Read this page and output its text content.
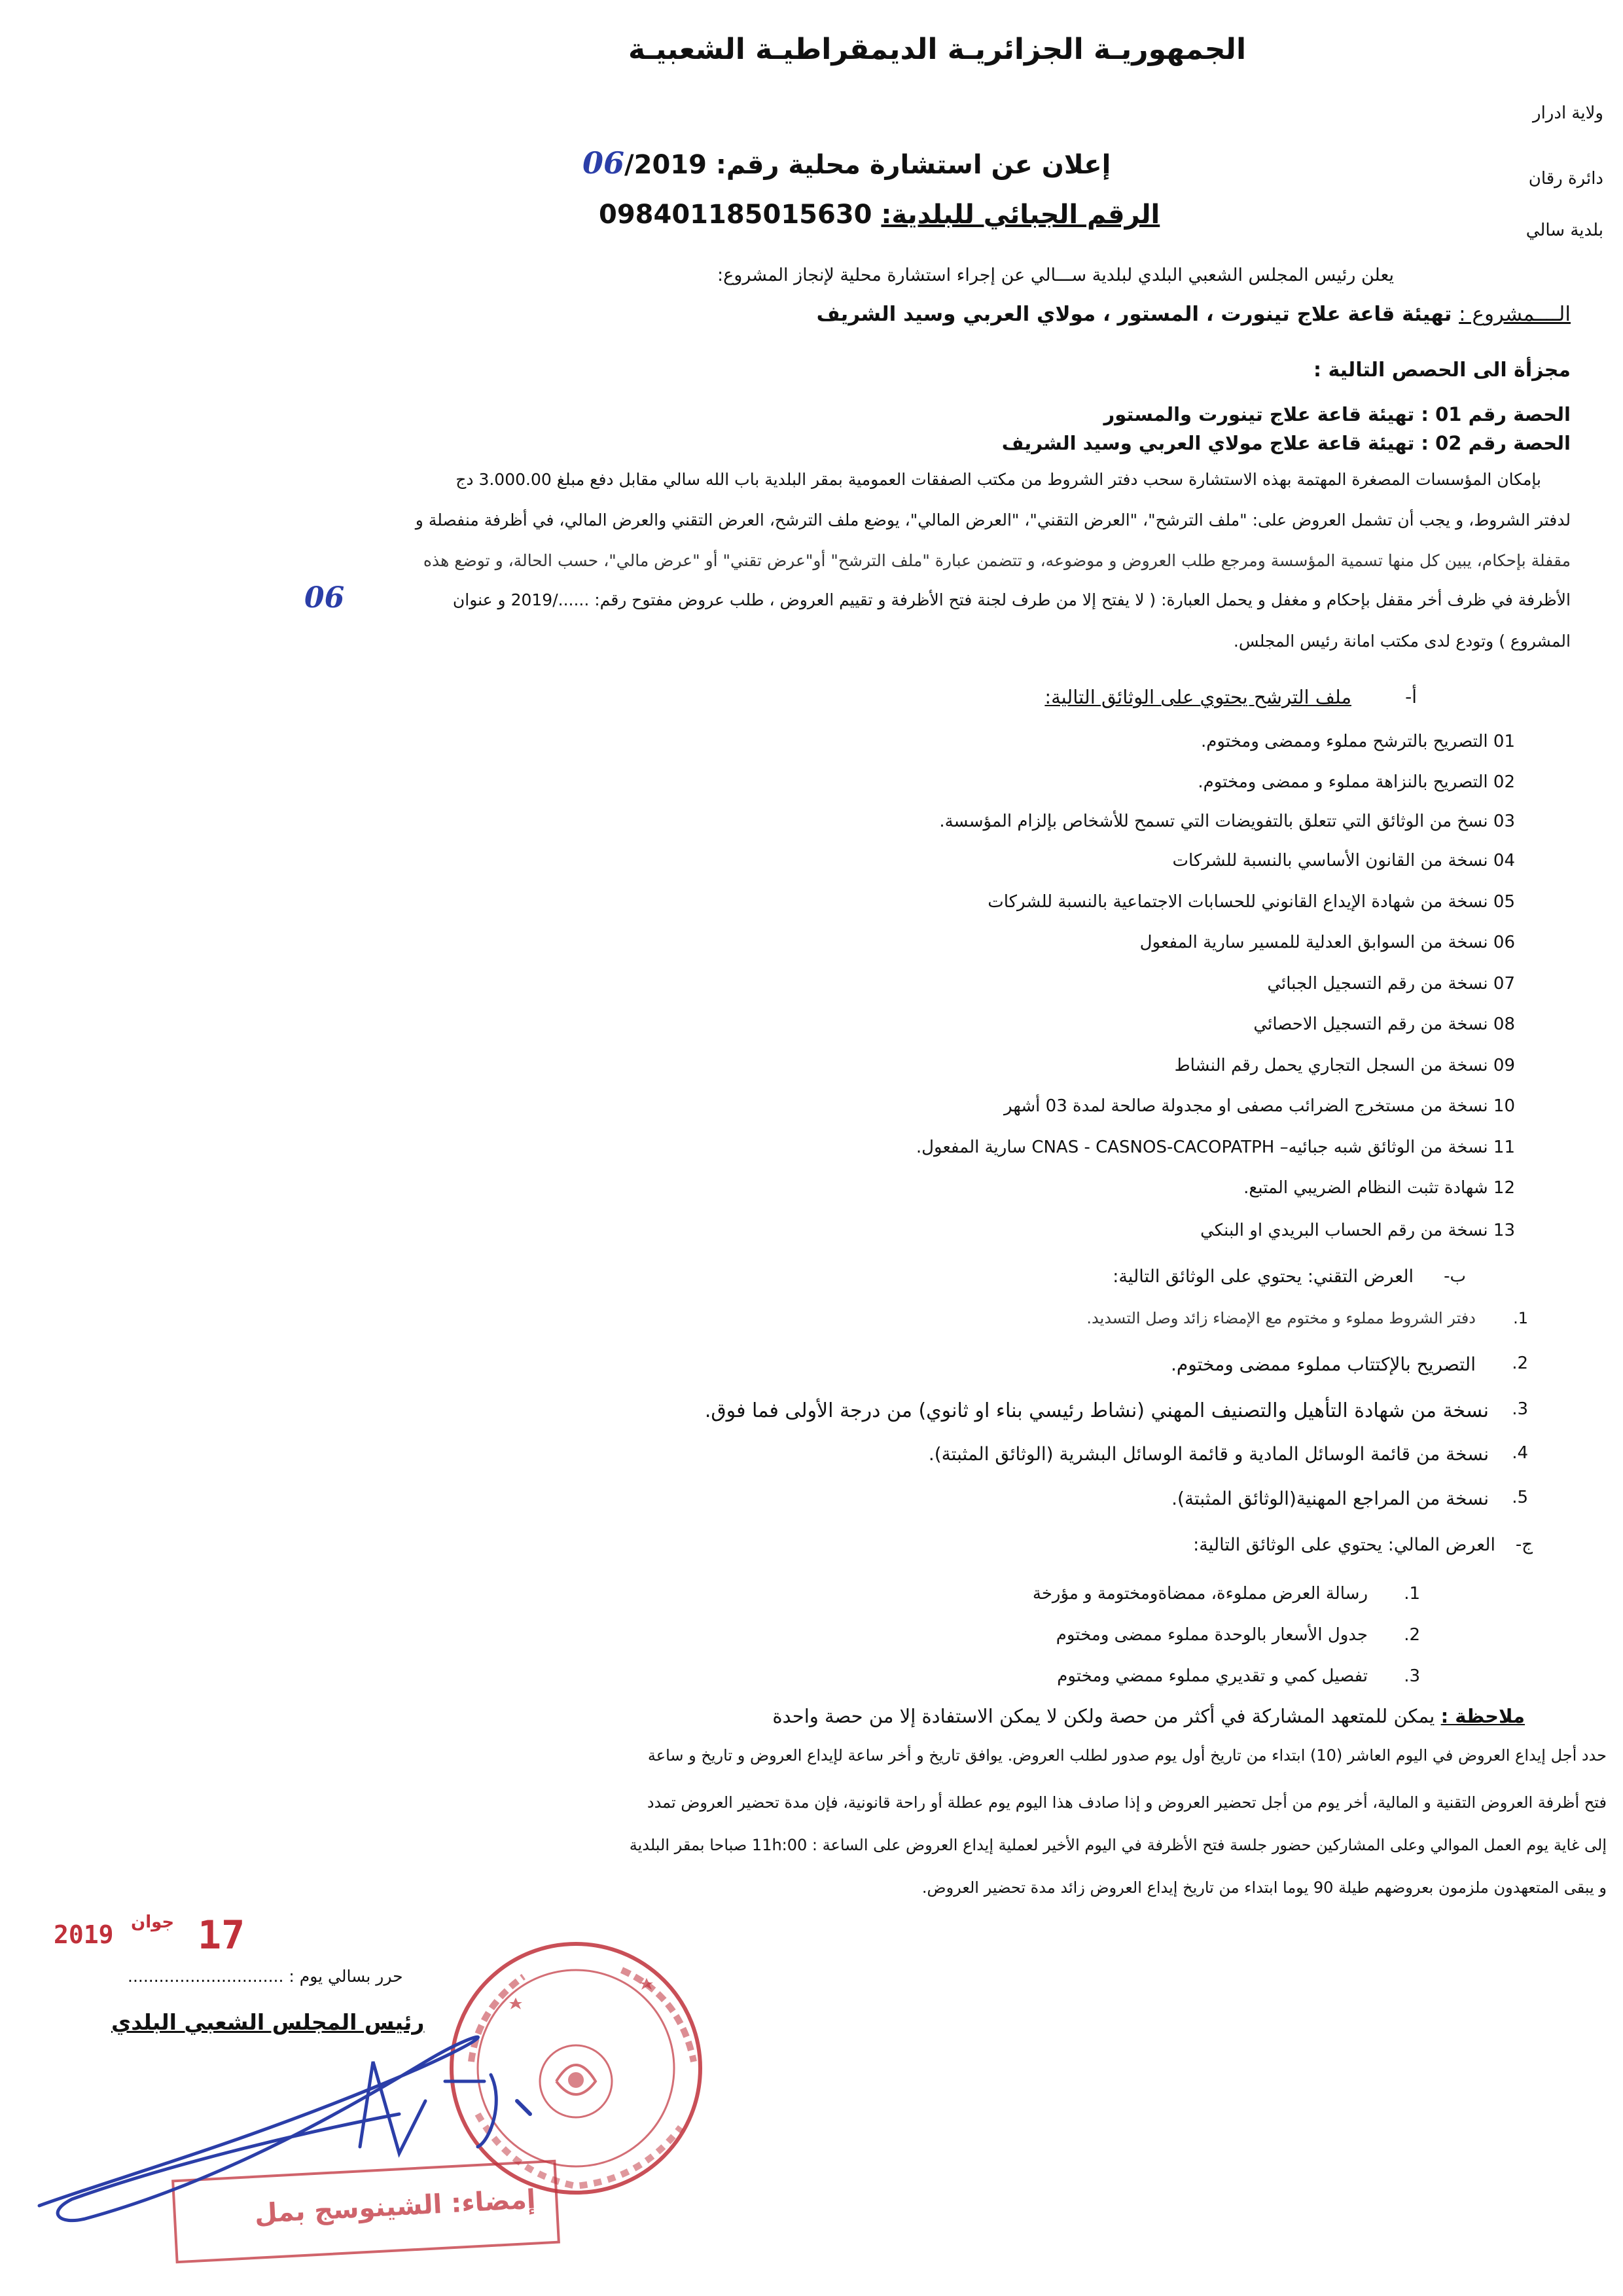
الجمهوريـة الجزائريـة الديمقراطيـة الشعبيـة
ولاية ادرار
دائرة رقان
بلدية سالي
إعلان عن استشارة محلية رقم: 06/2019
الرقم الجبائي للبلدية: 098401185015630
يعلن رئيس المجلس الشعبي البلدي لبلدية ســـالي عن إجراء استشارة محلية لإنجاز المشروع:
الــــمشروع : تهيئة قاعة علاج تينورت ، المستور ، مولاي العربي وسيد الشريف
مجزأة الى الحصص التالية :
الحصة رقم 01 : تهيئة قاعة علاج تينورت والمستور
الحصة رقم 02 : تهيئة قاعة علاج مولاي العربي وسيد الشريف
بإمكان المؤسسات المصغرة المهتمة بهذه الاستشارة سحب دفتر الشروط من مكتب الصفقات العمومية بمقر البلدية باب الله سالي مقابل دفع مبلغ 3.000.00 دج
لدفتر الشروط، و يجب أن تشمل العروض على: "ملف الترشح"، "العرض التقني"، "العرض المالي"، يوضع ملف الترشح، العرض التقني والعرض المالي، في أظرفة منفصلة و
مقفلة بإحكام، يبين كل منها تسمية المؤسسة ومرجع طلب العروض و موضوعه، و تتضمن عبارة "ملف الترشح" أو"عرض تقني" أو "عرض مالي"، حسب الحالة، و توضع هذه
الأظرفة في ظرف أخر مقفل بإحكام و مغفل و يحمل العبارة: ( لا يفتح إلا من طرف لجنة فتح الأظرفة و تقييم العروض ، طلب عروض مفتوح رقم: ....../2019 و عنوان
06
المشروع ) وتودع لدى مكتب امانة رئيس المجلس.
أ-
ملف الترشح يحتوي على الوثائق التالية:
01 التصريح بالترشح مملوء وممضى ومختوم.
02 التصريح بالنزاهة مملوء و ممضى ومختوم.
03 نسخ من الوثائق التي تتعلق بالتفويضات التي تسمح للأشخاص بإلزام المؤسسة.
04 نسخة من القانون الأساسي بالنسبة للشركات
05 نسخة من شهادة الإيداع القانوني للحسابات الاجتماعية بالنسبة للشركات
06 نسخة من السوابق العدلية للمسير سارية المفعول
07 نسخة من رقم التسجيل الجبائي
08 نسخة من رقم التسجيل الاحصائي
09 نسخة من السجل التجاري يحمل رقم النشاط
10 نسخة من مستخرج الضرائب مصفى او مجدولة صالحة لمدة 03 أشهر
11 نسخة من الوثائق شبه جبائيه– CNAS - CASNOS-CACOPATPH سارية المفعول.
12 شهادة تثبت النظام الضريبي المتبع.
13 نسخة من رقم الحساب البريدي او البنكي
ب-
العرض التقني: يحتوي على الوثائق التالية:
1.
دفتر الشروط مملوء و مختوم مع الإمضاء زائد وصل التسديد.
2.
التصريح بالإكتتاب مملوء ممضى ومختوم.
3.
نسخة من شهادة التأهيل والتصنيف المهني (نشاط رئيسي بناء او ثانوي) من درجة الأولى فما فوق.
4.
نسخة من قائمة الوسائل المادية و قائمة الوسائل البشرية (الوثائق المثبتة).
5.
نسخة من المراجع المهنية(الوثائق المثبتة).
ج-
العرض المالي: يحتوي على الوثائق التالية:
1.
رسالة العرض مملوءة، ممضاةومختومة و مؤرخة
2.
جدول الأسعار بالوحدة مملوء ممضى ومختوم
3.
تفصيل كمي و تقديري مملوء ممضي ومختوم
ملاحظة : يمكن للمتعهد المشاركة في أكثر من حصة ولكن لا يمكن الاستفادة إلا من حصة واحدة
حدد أجل إيداع العروض في اليوم العاشر (10) ابتداء من تاريخ أول يوم صدور لطلب العروض. يوافق تاريخ و أخر ساعة لإيداع العروض و تاريخ و ساعة
فتح أظرفة العروض التقنية و المالية، أخر يوم من أجل تحضير العروض و إذا صادف هذا اليوم يوم عطلة أو راحة قانونية، فإن مدة تحضير العروض تمدد
إلى غاية يوم العمل الموالي وعلى المشاركين حضور جلسة فتح الأظرفة في اليوم الأخير لعملية إيداع العروض على الساعة : 11h:00 صباحا بمقر البلدية
و يبقى المتعهدون ملزمون بعروضهم طيلة 90 يوما ابتداء من تاريخ إيداع العروض زائد مدة تحضير العروض.
2019 جوان 17
حرر بسالي يوم : ..............................
رئيس المجلس الشعبي البلدي
إمضاء: الشينوسج بمل
